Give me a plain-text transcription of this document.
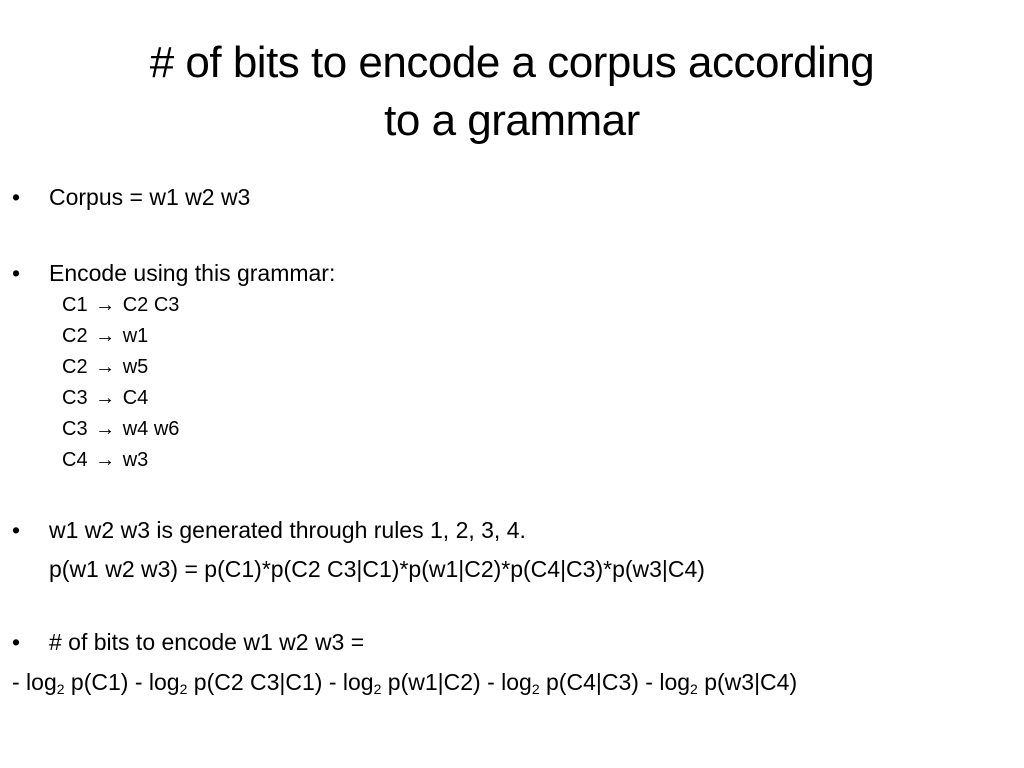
# of bits to encode a corpus according
to a grammar
•	Corpus = w1 w2 w3
•	Encode using this grammar:
C1 → C2 C3
C2 → w1
C2 → w5
C3 → C4
C3 → w4 w6
C4 → w3
•	w1 w2 w3 is generated through rules 1, 2, 3, 4.
p(w1 w2 w3) = p(C1)*p(C2 C3|C1)*p(w1|C2)*p(C4|C3)*p(w3|C4)
•	# of bits to encode w1 w2 w3 =
- $\log_2 p(C1) - \log_2 p(C2$ $C3|C1) - \log_2 p(w1|C2) - \log_2 p(C4|C3) - \log_2 p(w3|C4)$
